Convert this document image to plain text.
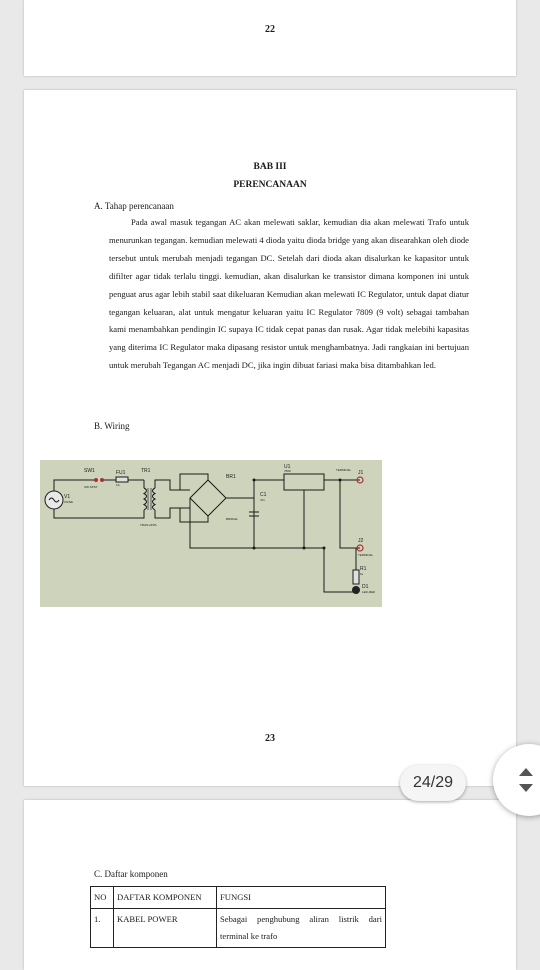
22
BAB III
PERENCANAAN
A. Tahap perencanaan

Pada awal masuk tegangan AC akan melewati saklar, kemudian dia akan melewati Trafo untuk menurunkan tegangan. kemudian melewati 4 dioda yaitu dioda bridge yang akan disearahkan oleh diode tersebut untuk merubah menjadi tegangan DC. Setelah dari dioda akan disalurkan ke kapasitor untuk difilter agar tidak terlalu tinggi. kemudian, akan disalurkan ke transistor dimana komponen ini untuk penguat arus agar lebih stabil saat dikeluaran Kemudian akan melewati IC Regulator, untuk dapat diatur tegangan keluaran, alat untuk mengatur keluaran yaitu IC Regulator 7809 (9 volt) sebagai tambahan kami menambahkan pendingin IC supaya IC tidak cepat panas dan rusak. Agar tidak melebihi kapasitas yang diterima IC Regulator maka dipasang resistor untuk menghambatnya. Jadi rangkaian ini bertujuan untuk merubah Tegangan AC menjadi DC, jika ingin dibuat fariasi maka bisa ditambahkan led.

B. Wiring
SW1
SW-SPST
FU1
1A
TR1
TRAN-2P2S
V1
VSINE
BR1
BRIDGE
C1
47u
U1
7809	TERMINAL J1
J2
TERMINAL
R1
1k
D1
LED-RED
23
C. Daftar komponen
NO	DAFTAR KOMPONEN	FUNGSI
1.	KABEL POWER	Sebagai penghubung aliran listrik dari terminal ke trafo
24/29
